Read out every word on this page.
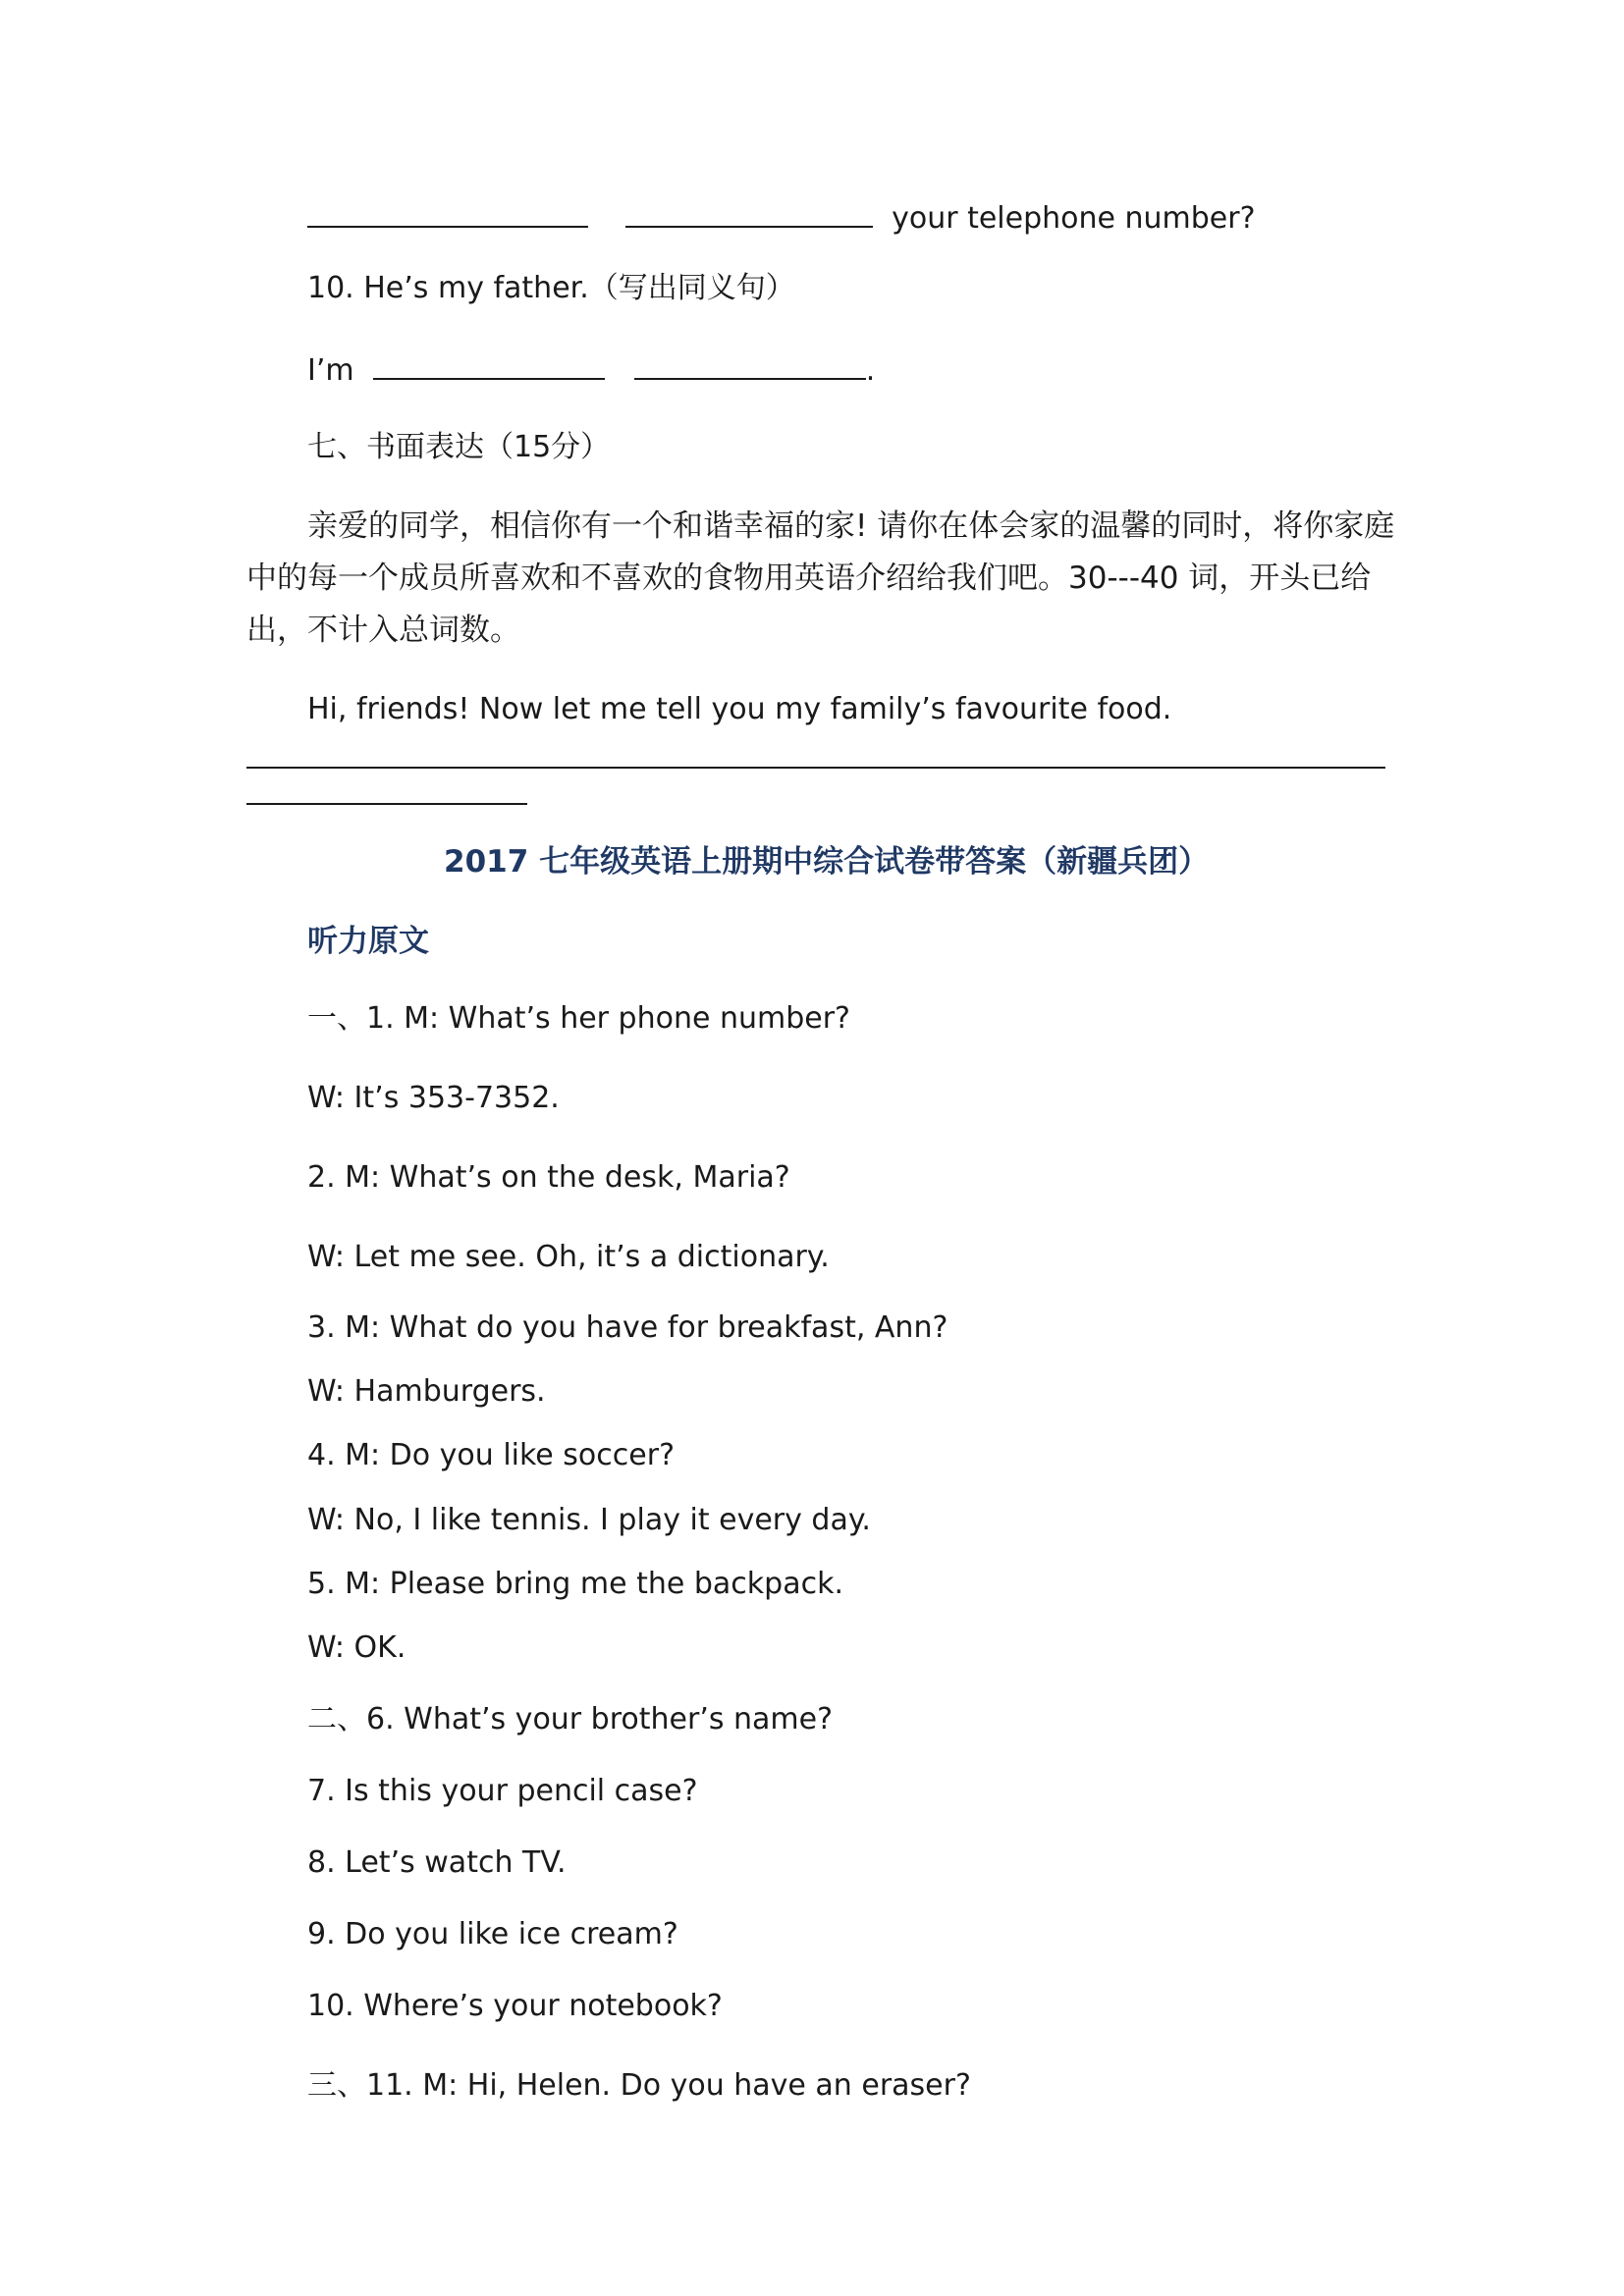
your telephone number?
10. He’s my father.（写出同义句）
I’m	.
七、书面表达（15分）
亲爱的同学，相信你有一个和谐幸福的家! 请你在体会家的温馨的同时，将你家庭中的每一个成员所喜欢和不喜欢的食物用英语介绍给我们吧。30---40 词，开头已给出，不计入总词数。
Hi, friends! Now let me tell you my family’s favourite food.
2017 七年级英语上册期中综合试卷带答案（新疆兵团）
听力原文
一、1. M: What’s her phone number?
W: It’s 353-7352.
2. M: What’s on the desk, Maria?
W: Let me see. Oh, it’s a dictionary.
3. M: What do you have for breakfast, Ann?
W: Hamburgers.
4. M: Do you like soccer?
W: No, I like tennis. I play it every day.
5. M: Please bring me the backpack.
W: OK.
二、6. What’s your brother’s name?
7. Is this your pencil case?
8. Let’s watch TV.
9. Do you like ice cream?
10. Where’s your notebook?
三、11. M: Hi, Helen. Do you have an eraser?
